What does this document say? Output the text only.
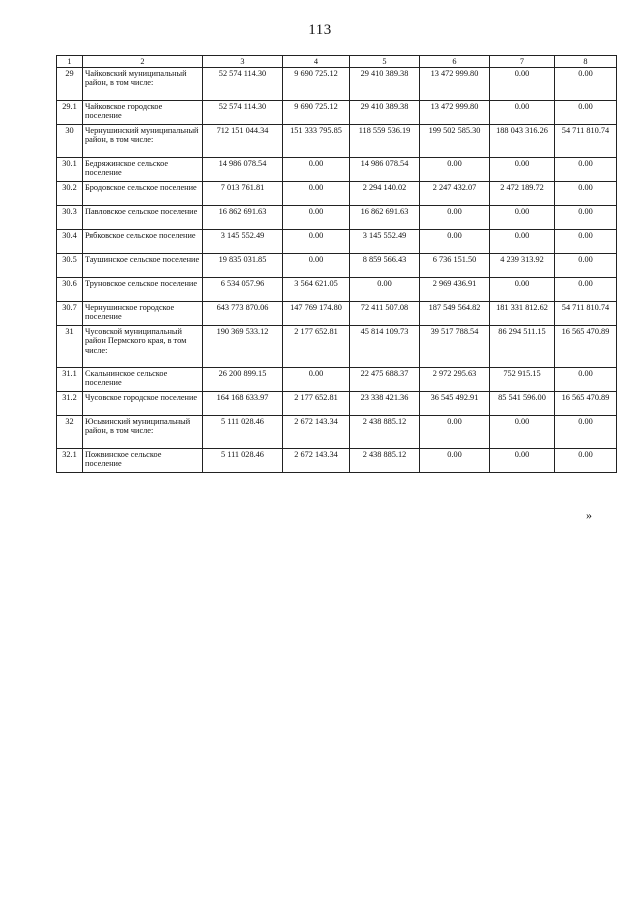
113
1	2	3	4	5	6	7	8
29	Чайковский муниципальный район, в том числе:	52 574 114.30	9 690 725.12	29 410 389.38	13 472 999.80	0.00	0.00
29.1	Чайковское городское поселение	52 574 114.30	9 690 725.12	29 410 389.38	13 472 999.80	0.00	0.00
30	Чернушинский муниципальный район, в том числе:	712 151 044.34	151 333 795.85	118 559 536.19	199 502 585.30	188 043 316.26	54 711 810.74
30.1	Бедряжинское сельское поселение	14 986 078.54	0.00	14 986 078.54	0.00	0.00	0.00
30.2	Бродовское сельское поселение	7 013 761.81	0.00	2 294 140.02	2 247 432.07	2 472 189.72	0.00
30.3	Павловское сельское поселение	16 862 691.63	0.00	16 862 691.63	0.00	0.00	0.00
30.4	Рябковское сельское поселение	3 145 552.49	0.00	3 145 552.49	0.00	0.00	0.00
30.5	Таушинское сельское поселение	19 835 031.85	0.00	8 859 566.43	6 736 151.50	4 239 313.92	0.00
30.6	Труновское сельское поселение	6 534 057.96	3 564 621.05	0.00	2 969 436.91	0.00	0.00
30.7	Чернушинское городское поселение	643 773 870.06	147 769 174.80	72 411 507.08	187 549 564.82	181 331 812.62	54 711 810.74
31	Чусовской муниципальный район Пермского края, в том числе:	190 369 533.12	2 177 652.81	45 814 109.73	39 517 788.54	86 294 511.15	16 565 470.89
31.1	Скальнинское сельское поселение	26 200 899.15	0.00	22 475 688.37	2 972 295.63	752 915.15	0.00
31.2	Чусовское городское поселение	164 168 633.97	2 177 652.81	23 338 421.36	36 545 492.91	85 541 596.00	16 565 470.89
32	Юсьвинский муниципальный район, в том числе:	5 111 028.46	2 672 143.34	2 438 885.12	0.00	0.00	0.00
32.1	Пожвинское сельское поселение	5 111 028.46	2 672 143.34	2 438 885.12	0.00	0.00	0.00
»
